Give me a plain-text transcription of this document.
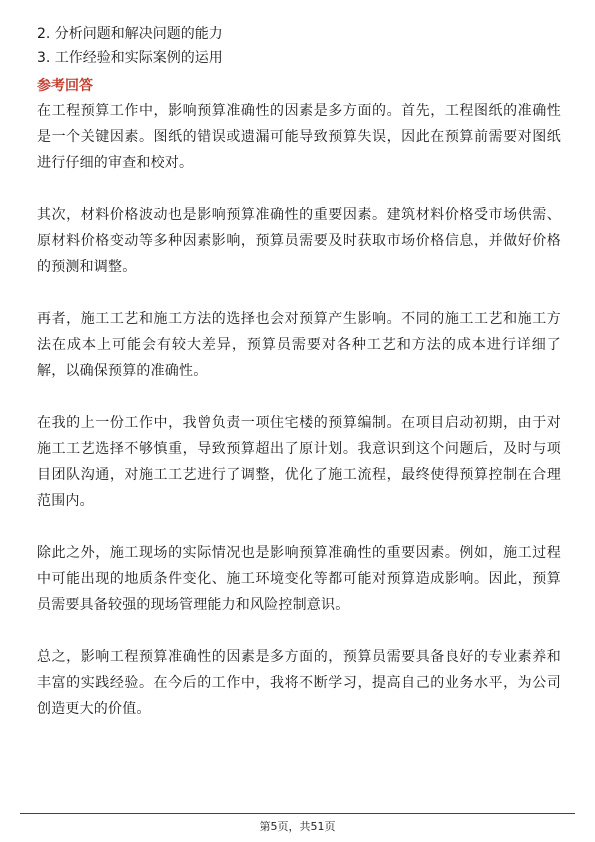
2. 分析问题和解决问题的能力
3. 工作经验和实际案例的运用
参考回答

在工程预算工作中，影响预算准确性的因素是多方面的。首先，工程图纸的准确性是一个关键因素。图纸的错误或遗漏可能导致预算失误，因此在预算前需要对图纸进行仔细的审查和校对。

其次，材料价格波动也是影响预算准确性的重要因素。建筑材料价格受市场供需、原材料价格变动等多种因素影响，预算员需要及时获取市场价格信息，并做好价格的预测和调整。

再者，施工工艺和施工方法的选择也会对预算产生影响。不同的施工工艺和施工方法在成本上可能会有较大差异，预算员需要对各种工艺和方法的成本进行详细了解，以确保预算的准确性。

在我的上一份工作中，我曾负责一项住宅楼的预算编制。在项目启动初期，由于对施工工艺选择不够慎重，导致预算超出了原计划。我意识到这个问题后，及时与项目团队沟通，对施工工艺进行了调整，优化了施工流程，最终使得预算控制在合理范围内。

除此之外，施工现场的实际情况也是影响预算准确性的重要因素。例如，施工过程中可能出现的地质条件变化、施工环境变化等都可能对预算造成影响。因此，预算员需要具备较强的现场管理能力和风险控制意识。

总之，影响工程预算准确性的因素是多方面的，预算员需要具备良好的专业素养和丰富的实践经验。在今后的工作中，我将不断学习，提高自己的业务水平，为公司创造更大的价值。

第5页，共51页
